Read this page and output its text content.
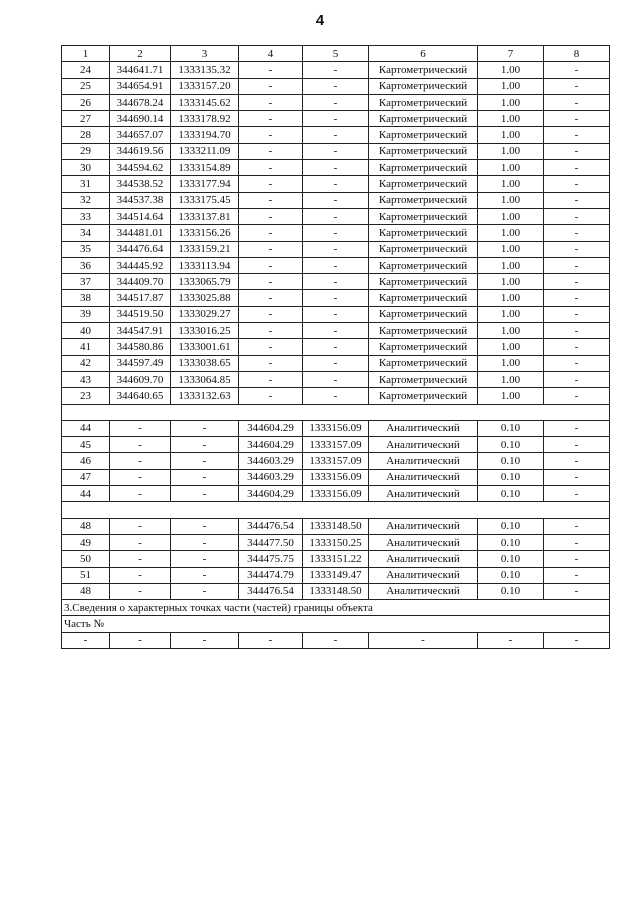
4
1	2	3	4	5	6	7	8
24	344641.71	1333135.32	-	-	Картометрический	1.00	-
25	344654.91	1333157.20	-	-	Картометрический	1.00	-
26	344678.24	1333145.62	-	-	Картометрический	1.00	-
27	344690.14	1333178.92	-	-	Картометрический	1.00	-
28	344657.07	1333194.70	-	-	Картометрический	1.00	-
29	344619.56	1333211.09	-	-	Картометрический	1.00	-
30	344594.62	1333154.89	-	-	Картометрический	1.00	-
31	344538.52	1333177.94	-	-	Картометрический	1.00	-
32	344537.38	1333175.45	-	-	Картометрический	1.00	-
33	344514.64	1333137.81	-	-	Картометрический	1.00	-
34	344481.01	1333156.26	-	-	Картометрический	1.00	-
35	344476.64	1333159.21	-	-	Картометрический	1.00	-
36	344445.92	1333113.94	-	-	Картометрический	1.00	-
37	344409.70	1333065.79	-	-	Картометрический	1.00	-
38	344517.87	1333025.88	-	-	Картометрический	1.00	-
39	344519.50	1333029.27	-	-	Картометрический	1.00	-
40	344547.91	1333016.25	-	-	Картометрический	1.00	-
41	344580.86	1333001.61	-	-	Картометрический	1.00	-
42	344597.49	1333038.65	-	-	Картометрический	1.00	-
43	344609.70	1333064.85	-	-	Картометрический	1.00	-
23	344640.65	1333132.63	-	-	Картометрический	1.00	-

44	-	-	344604.29	1333156.09	Аналитический	0.10	-
45	-	-	344604.29	1333157.09	Аналитический	0.10	-
46	-	-	344603.29	1333157.09	Аналитический	0.10	-
47	-	-	344603.29	1333156.09	Аналитический	0.10	-
44	-	-	344604.29	1333156.09	Аналитический	0.10	-

48	-	-	344476.54	1333148.50	Аналитический	0.10	-
49	-	-	344477.50	1333150.25	Аналитический	0.10	-
50	-	-	344475.75	1333151.22	Аналитический	0.10	-
51	-	-	344474.79	1333149.47	Аналитический	0.10	-
48	-	-	344476.54	1333148.50	Аналитический	0.10	-
3.Сведения о характерных точках части (частей) границы объекта							
Часть №							
-	-	-	-	-	-	-	-
